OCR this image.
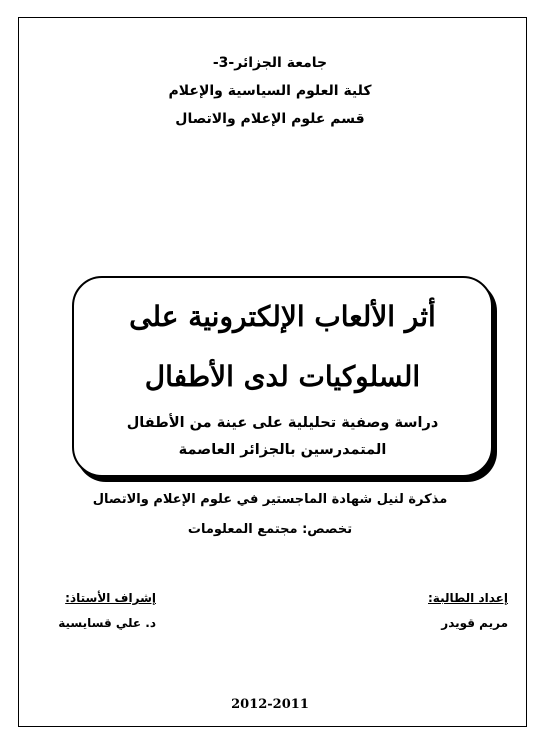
جامعة الجزائر-3-
كلية العلوم السياسية والإعلام
قسم علوم الإعلام والاتصال
أثر الألعاب الإلكترونية على
السلوكيات لدى الأطفال
دراسة وصفية تحليلية على عينة من الأطفال المتمدرسين بالجزائر العاصمة
مذكرة لنيل شهادة الماجستير في علوم الإعلام والاتصال
تخصص: مجتمع المعلومات
إعداد الطالبة:
مريم قويدر
إشراف الأستاذ:
د. علي قسايسية
2012-2011
